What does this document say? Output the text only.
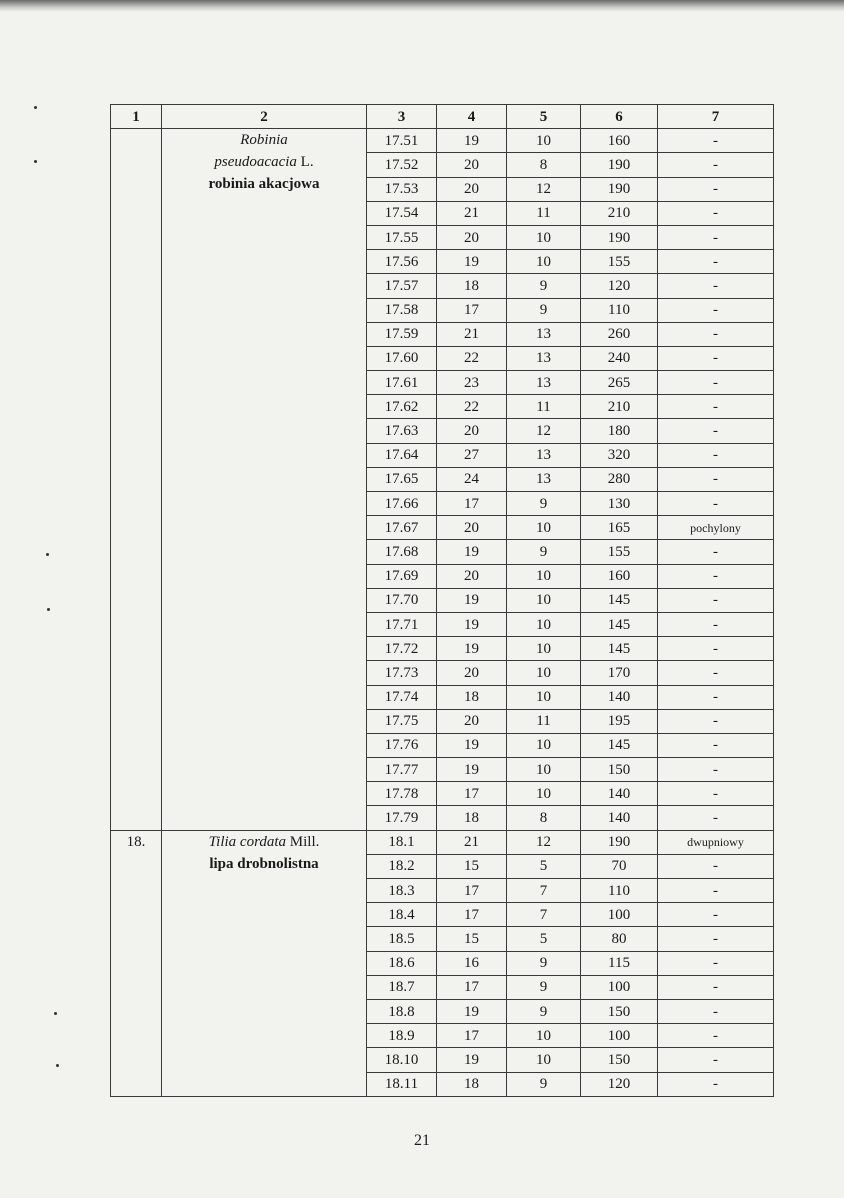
1	2	3	4	5	6	7
	Robinia
pseudoacacia L.
robinia akacjowa	17.51	19	10	160	-
		17.52	20	8	190	-
		17.53	20	12	190	-
		17.54	21	11	210	-
		17.55	20	10	190	-
		17.56	19	10	155	-
		17.57	18	9	120	-
		17.58	17	9	110	-
		17.59	21	13	260	-
		17.60	22	13	240	-
		17.61	23	13	265	-
		17.62	22	11	210	-
		17.63	20	12	180	-
		17.64	27	13	320	-
		17.65	24	13	280	-
		17.66	17	9	130	-
		17.67	20	10	165	pochylony
		17.68	19	9	155	-
		17.69	20	10	160	-
		17.70	19	10	145	-
		17.71	19	10	145	-
		17.72	19	10	145	-
		17.73	20	10	170	-
		17.74	18	10	140	-
		17.75	20	11	195	-
		17.76	19	10	145	-
		17.77	19	10	150	-
		17.78	17	10	140	-
		17.79	18	8	140	-
18.	Tilia cordata Mill.
lipa drobnolistna	18.1	21	12	190	dwupniowy
		18.2	15	5	70	-
		18.3	17	7	110	-
		18.4	17	7	100	-
		18.5	15	5	80	-
		18.6	16	9	115	-
		18.7	17	9	100	-
		18.8	19	9	150	-
		18.9	17	10	100	-
		18.10	19	10	150	-
		18.11	18	9	120	-
21
